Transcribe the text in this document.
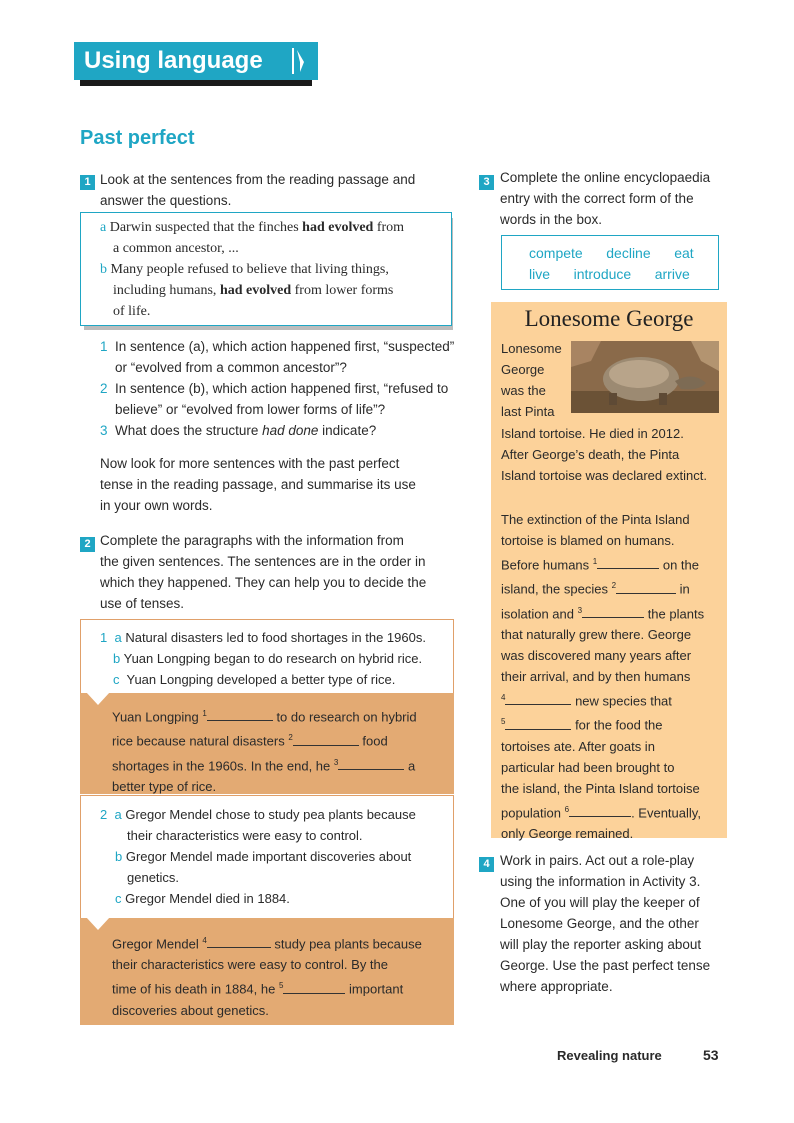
Using language
Past perfect
1 Look at the sentences from the reading passage and
answer the questions.
a Darwin suspected that the finches had evolved from
a common ancestor, ...
b Many people refused to believe that living things,
including humans, had evolved from lower forms
of life.
1 In sentence (a), which action happened first, “suspected”
or “evolved from a common ancestor”?
2 In sentence (b), which action happened first, “refused to
believe” or “evolved from lower forms of life”?
3 What does the structure had done indicate?
Now look for more sentences with the past perfect
tense in the reading passage, and summarise its use
in your own words.
2 Complete the paragraphs with the information from
the given sentences. The sentences are in the order in
which they happened. They can help you to decide the
use of tenses.
1 a Natural disasters led to food shortages in the 1960s.
b Yuan Longping began to do research on hybrid rice.
c Yuan Longping developed a better type of rice.
Yuan Longping $^1$	to do research on hybrid
rice because natural disasters $^2$	food
shortages in the 1960s. In the end, he $^3$	a
better type of rice.
2 a Gregor Mendel chose to study pea plants because
their characteristics were easy to control.
b Gregor Mendel made important discoveries about
genetics.
c Gregor Mendel died in 1884.
Gregor Mendel $^4$	study pea plants because
their characteristics were easy to control. By the
time of his death in 1884, he $^5$	important
discoveries about genetics.
3 Complete the online encyclopaedia
entry with the correct form of the
words in the box.
compete decline eat
live introduce arrive
Lonesome George
Lonesome
George
was the
last Pinta
Island tortoise. He died in 2012.
After George’s death, the Pinta
Island tortoise was declared extinct.
The extinction of the Pinta Island
tortoise is blamed on humans.
Before humans $^1$	on the
island, the species $^2$	in
isolation and $^3$	the plants
that naturally grew there. George
was discovered many years after
their arrival, and by then humans
$^4$	new species that
$^5$	for the food the
tortoises ate. After goats in
particular had been brought to
the island, the Pinta Island tortoise
population $^6$	. Eventually,
only George remained.
4 Work in pairs. Act out a role-play
using the information in Activity 3.
One of you will play the keeper of
Lonesome George, and the other
will play the reporter asking about
George. Use the past perfect tense
where appropriate.
Revealing nature	53
